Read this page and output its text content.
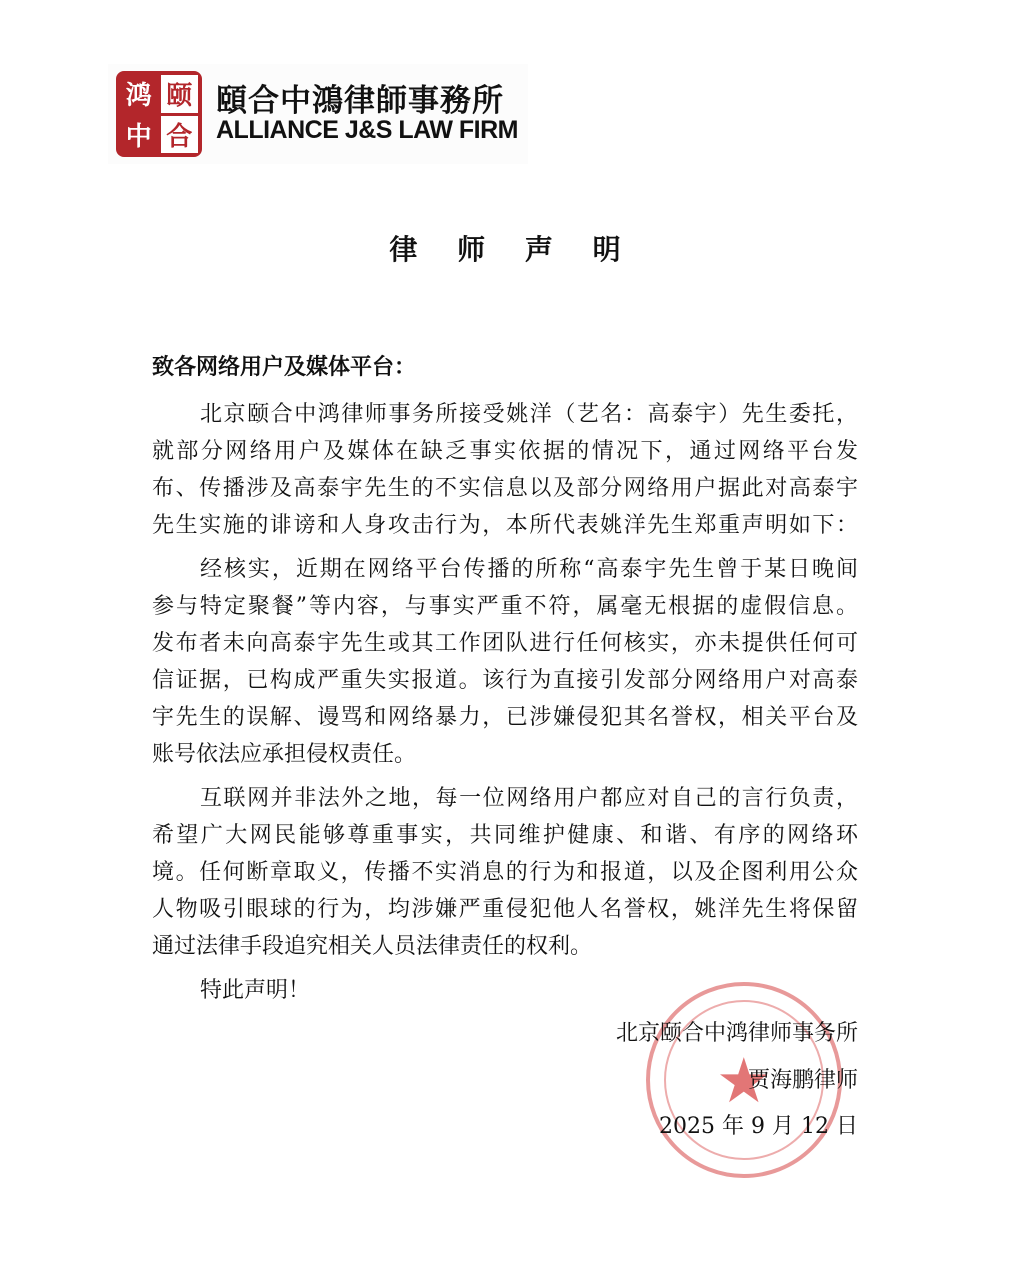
鸿 颐
中 合
頤合中鴻律師事務所
ALLIANCE J&S LAW FIRM
律 师 声 明
致各网络用户及媒体平台：
北京颐合中鸿律师事务所接受姚洋（艺名：高泰宇）先生委托，
就部分网络用户及媒体在缺乏事实依据的情况下，通过网络平台发
布、传播涉及高泰宇先生的不实信息以及部分网络用户据此对高泰宇
先生实施的诽谤和人身攻击行为，本所代表姚洋先生郑重声明如下：
经核实，近期在网络平台传播的所称“高泰宇先生曾于某日晚间
参与特定聚餐”等内容，与事实严重不符，属毫无根据的虚假信息。
发布者未向高泰宇先生或其工作团队进行任何核实，亦未提供任何可
信证据，已构成严重失实报道。该行为直接引发部分网络用户对高泰
宇先生的误解、谩骂和网络暴力，已涉嫌侵犯其名誉权，相关平台及
账号依法应承担侵权责任。
互联网并非法外之地，每一位网络用户都应对自己的言行负责，
希望广大网民能够尊重事实，共同维护健康、和谐、有序的网络环
境。任何断章取义，传播不实消息的行为和报道，以及企图利用公众
人物吸引眼球的行为，均涉嫌严重侵犯他人名誉权，姚洋先生将保留
通过法律手段追究相关人员法律责任的权利。
特此声明！
★
北京颐合中鸿律师事务所
贾海鹏律师
2025 年 9 月 12 日
